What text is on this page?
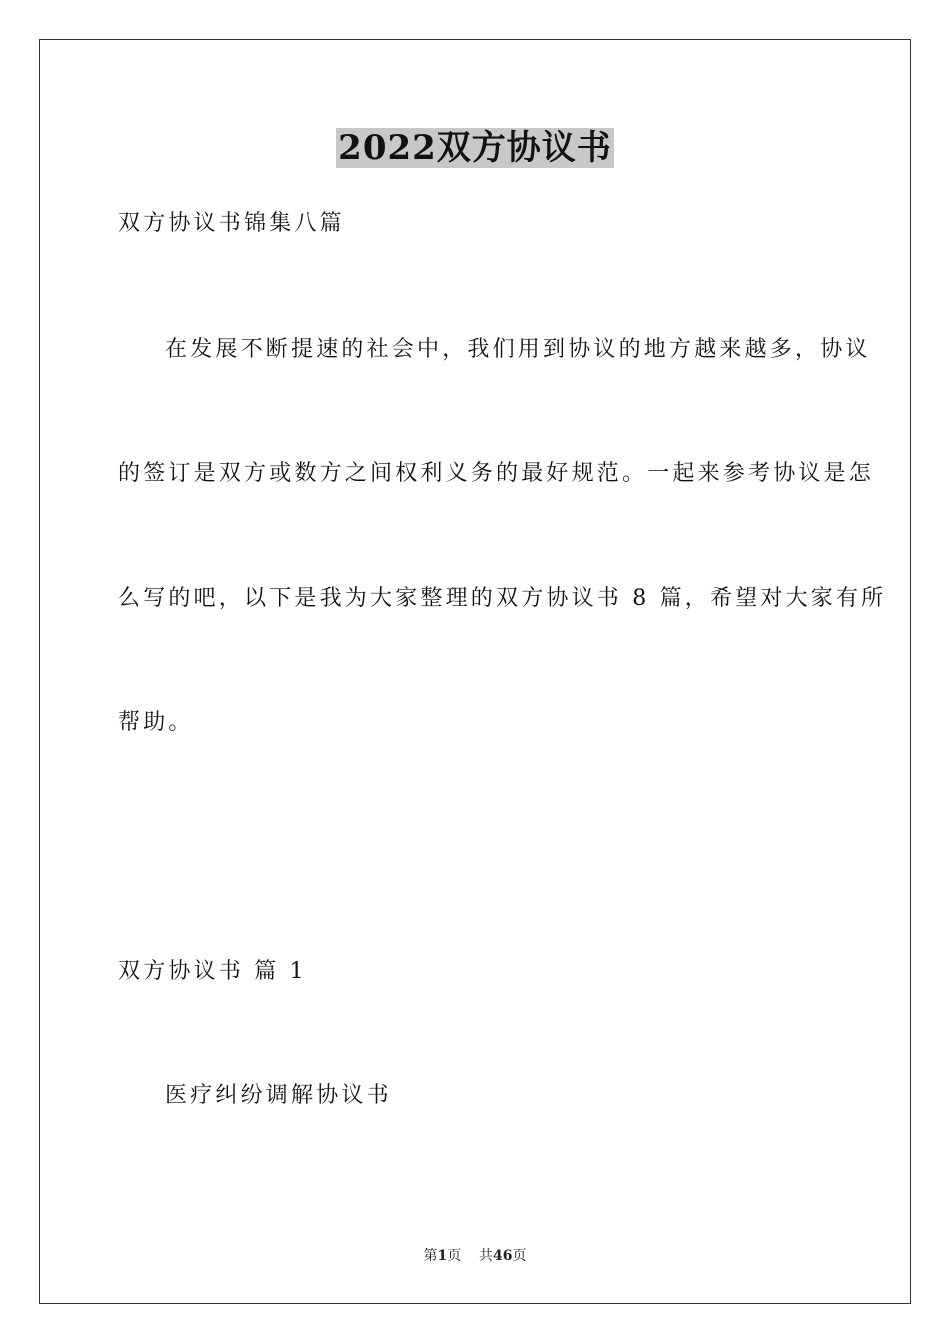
2022双方协议书
双方协议书锦集八篇
在发展不断提速的社会中，我们用到协议的地方越来越多，协议
的签订是双方或数方之间权利义务的最好规范。一起来参考协议是怎
么写的吧，以下是我为大家整理的双方协议书 8 篇，希望对大家有所
帮助。
双方协议书 篇 1
医疗纠纷调解协议书
第1页 共46页
